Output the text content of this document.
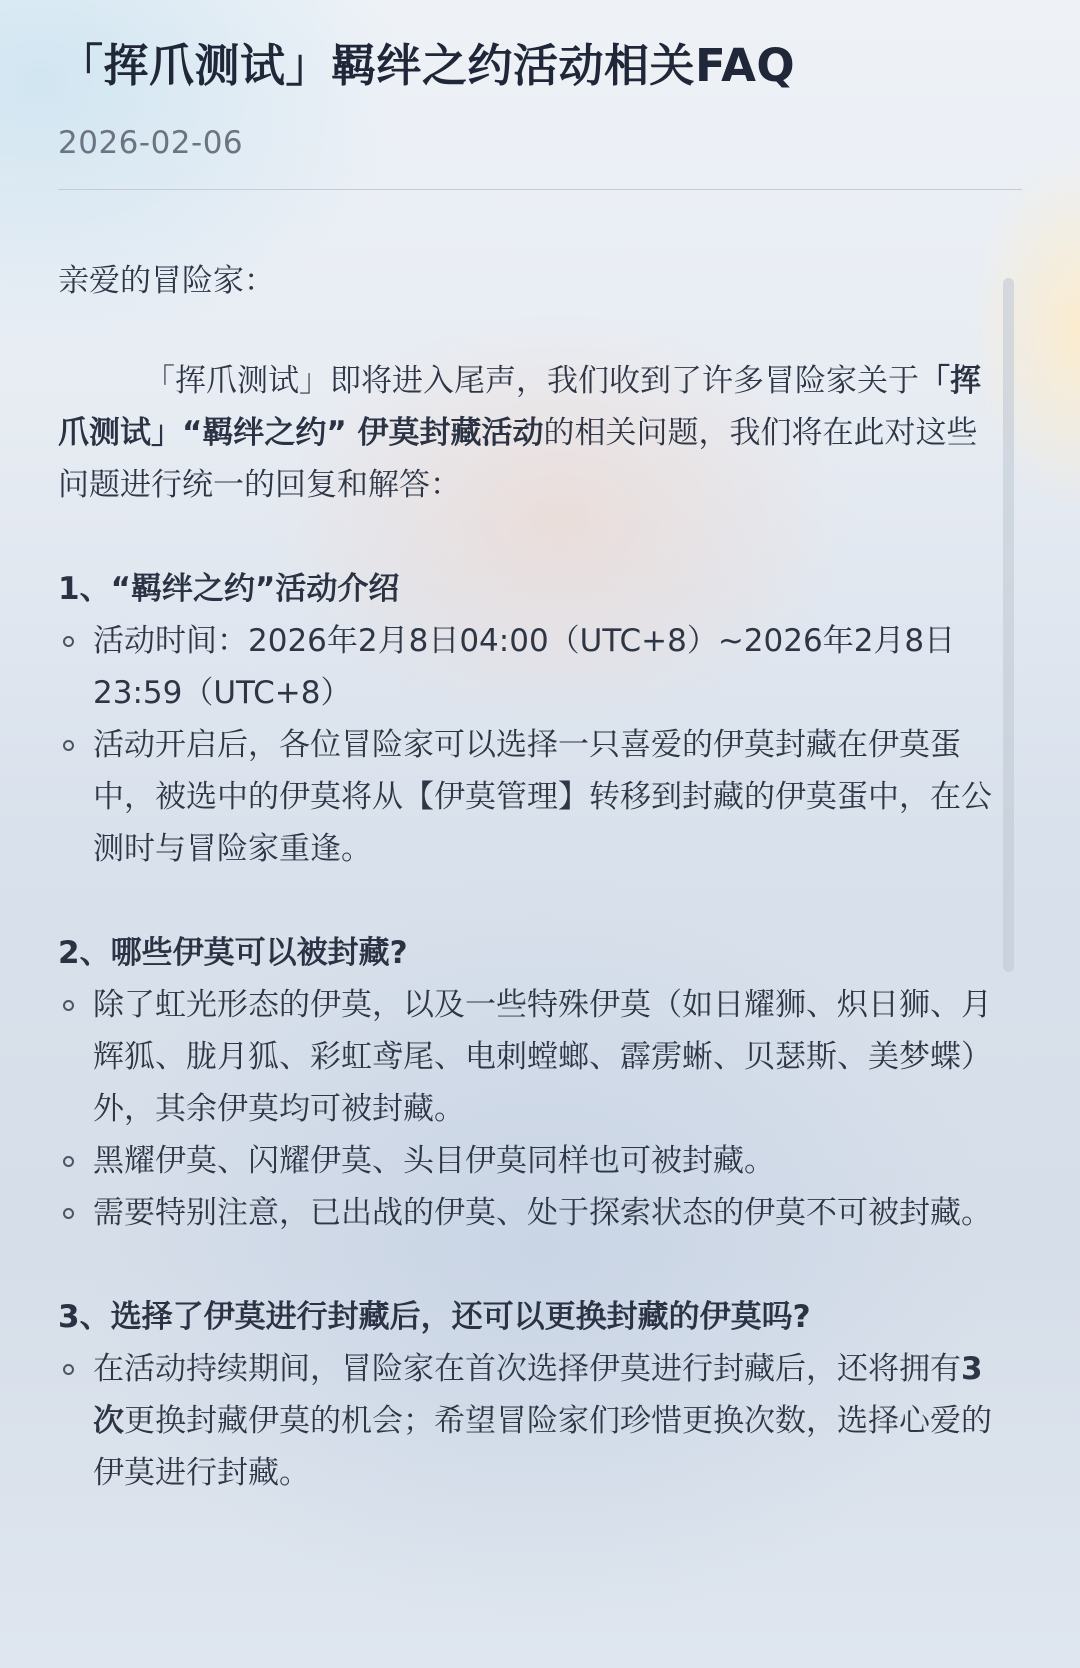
「挥爪测试」羁绊之约活动相关FAQ
2026-02-06
亲爱的冒险家：

「挥爪测试」即将进入尾声，我们收到了许多冒险家关于「挥爪测试」“羁绊之约” 伊莫封藏活动的相关问题，我们将在此对这些问题进行统一的回复和解答：

1、“羁绊之约”活动介绍
活动时间：2026年2月8日04:00（UTC+8）~2026年2月8日23:59（UTC+8）
活动开启后，各位冒险家可以选择一只喜爱的伊莫封藏在伊莫蛋中，被选中的伊莫将从【伊莫管理】转移到封藏的伊莫蛋中，在公测时与冒险家重逢。
2、哪些伊莫可以被封藏?
除了虹光形态的伊莫，以及一些特殊伊莫（如日耀狮、炽日狮、月辉狐、胧月狐、彩虹鸢尾、电刺螳螂、霹雳蜥、贝瑟斯、美梦蝶）外，其余伊莫均可被封藏。
黑耀伊莫、闪耀伊莫、头目伊莫同样也可被封藏。
需要特别注意，已出战的伊莫、处于探索状态的伊莫不可被封藏。
3、选择了伊莫进行封藏后，还可以更换封藏的伊莫吗?
在活动持续期间，冒险家在首次选择伊莫进行封藏后，还将拥有3次更换封藏伊莫的机会；希望冒险家们珍惜更换次数，选择心爱的伊莫进行封藏。
